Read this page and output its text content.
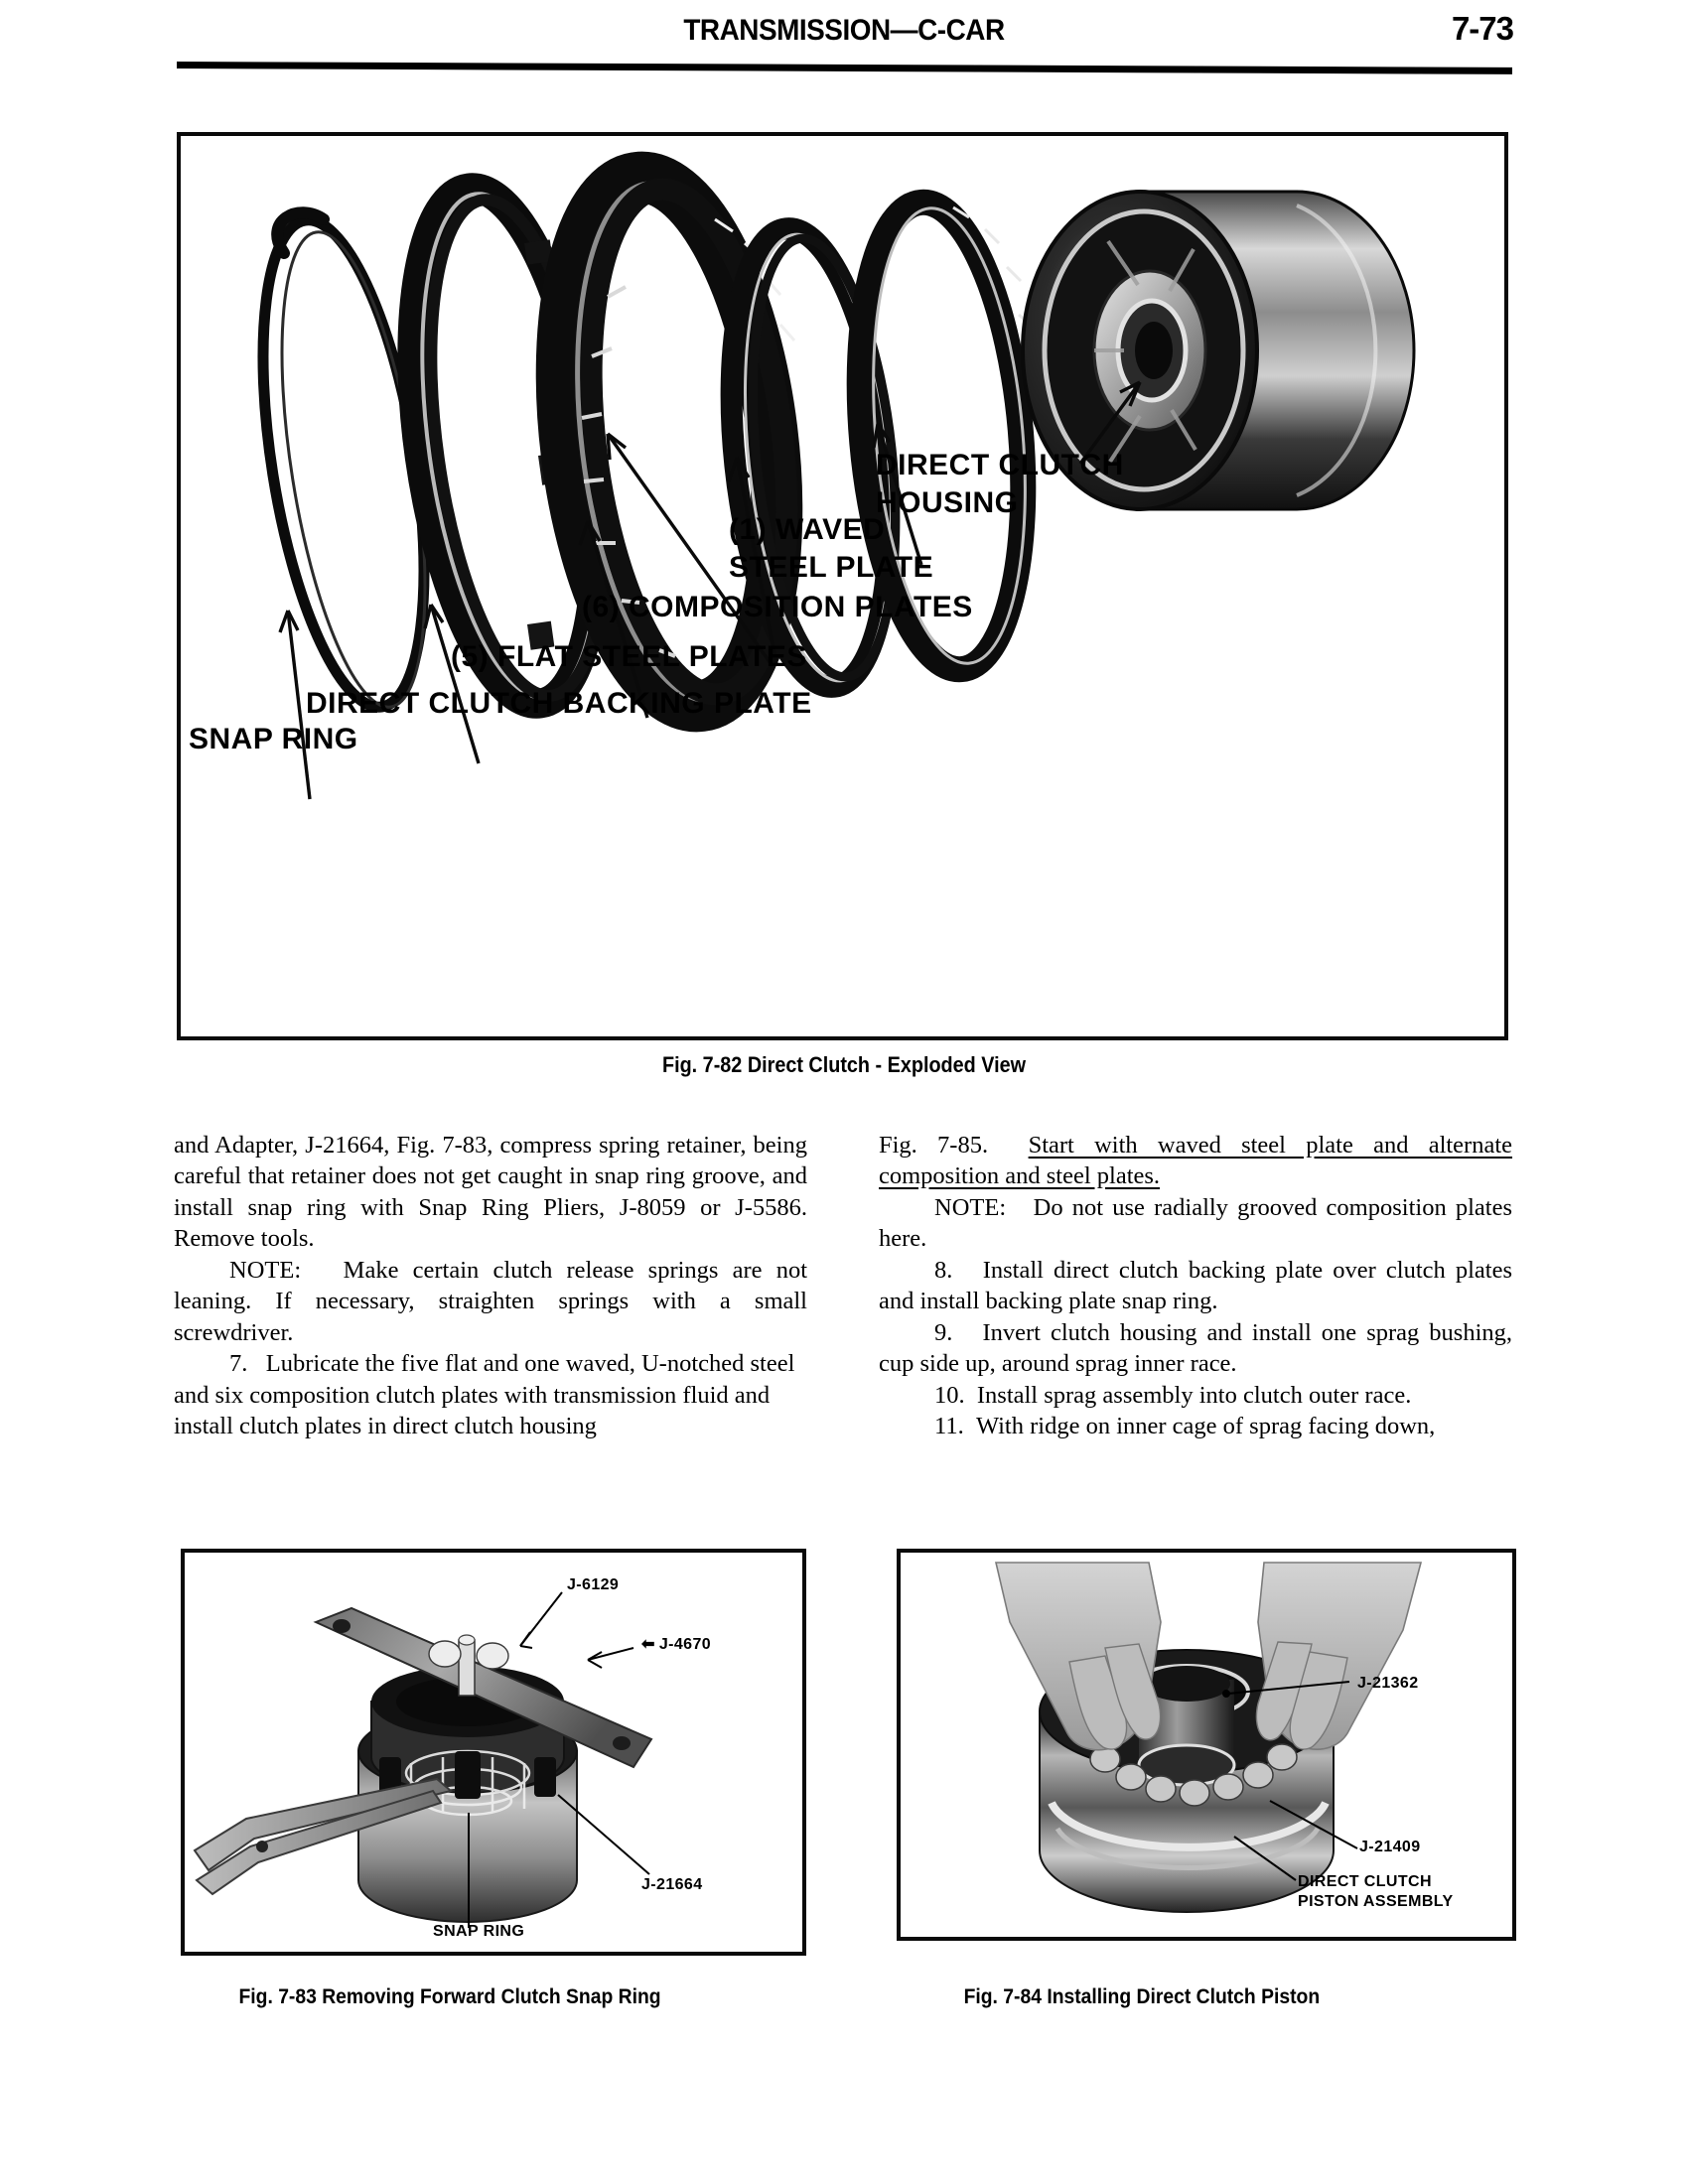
TRANSMISSION—C-CAR	7-73
DIRECT CLUTCH
HOUSING
(1) WAVED
STEEL PLATE
(6) COMPOSITION PLATES
(5) FLAT STEEL PLATES
DIRECT CLUTCH BACKING PLATE
SNAP RING
Fig. 7-82 Direct Clutch - Exploded View

and Adapter, J-21664, Fig. 7-83, compress spring retainer, being careful that retainer does not get caught in snap ring groove, and install snap ring with Snap Ring Pliers, J-8059 or J-5586. Remove tools.

NOTE: Make certain clutch release springs are not leaning. If necessary, straighten springs with a small screwdriver.

7. Lubricate the five flat and one waved, U-notched steel and six composition clutch plates with transmission fluid and install clutch plates in direct clutch housing

Fig. 7-85. Start with waved steel plate and alternate composition and steel plates.

NOTE: Do not use radially grooved composition plates here.

8. Install direct clutch backing plate over clutch plates and install backing plate snap ring.

9. Invert clutch housing and install one sprag bushing, cup side up, around sprag inner race.

10. Install sprag assembly into clutch outer race.

11. With ridge on inner cage of sprag facing down,

J-6129
⬅ J-4670
J-21664
SNAP RING
J-21362
J-21409
DIRECT CLUTCH
PISTON ASSEMBLY
Fig. 7-83 Removing Forward Clutch Snap Ring	Fig. 7-84 Installing Direct Clutch Piston
